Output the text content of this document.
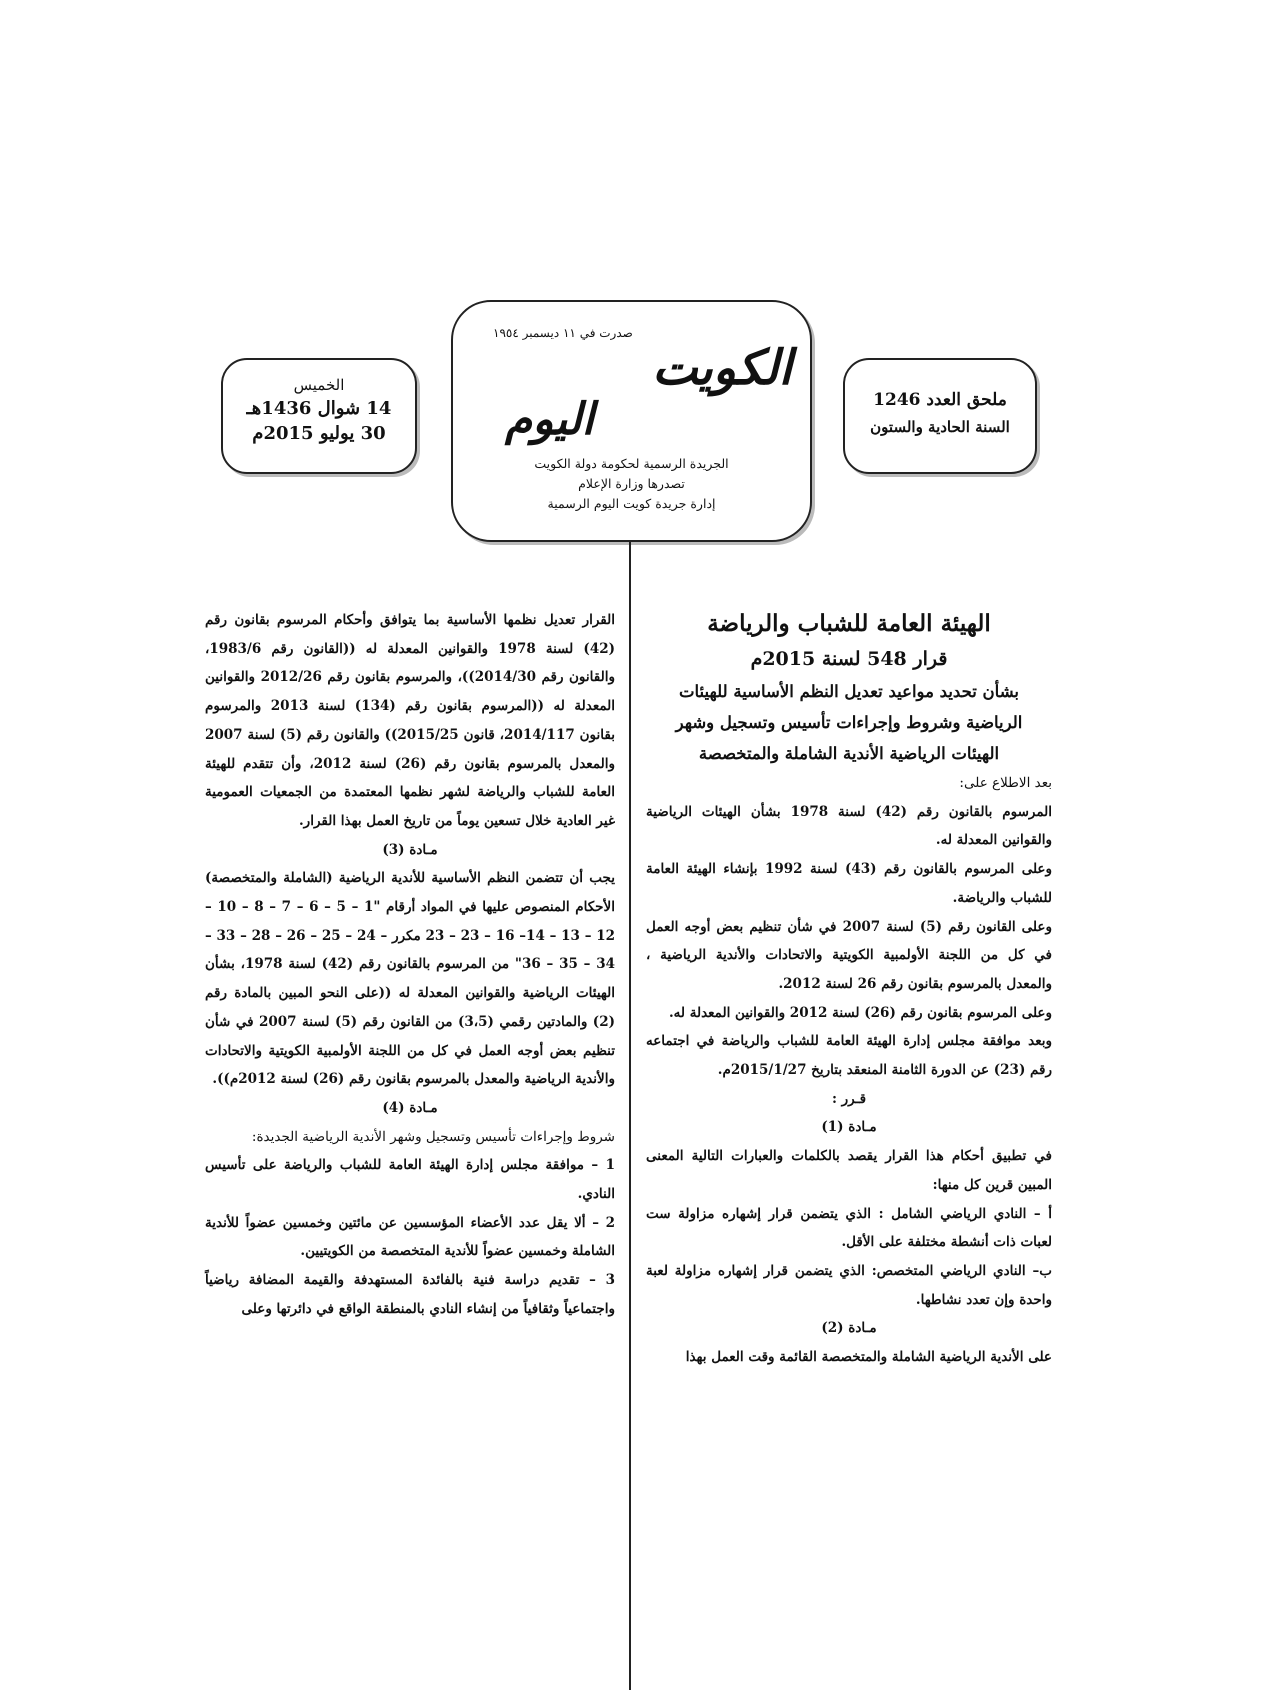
ملحق العدد 1246
السنة الحادية والستون
صدرت في ١١ ديسمبر ١٩٥٤
الكويت
اليوم
الجريدة الرسمية لحكومة دولة الكويت
تصدرها وزارة الإعلام
إدارة جريدة كويت اليوم الرسمية
الخميس
14 شوال 1436هـ
30 يوليو 2015م

الهيئة العامة للشباب والرياضة

قرار 548 لسنة 2015م

بشأن تحديد مواعيد تعديل النظم الأساسية للهيئات

الرياضية وشروط وإجراءات تأسيس وتسجيل وشهر

الهيئات الرياضية الأندية الشاملة والمتخصصة

بعد الاطلاع على:

المرسوم بالقانون رقم (42) لسنة 1978 بشأن الهيئات الرياضية والقوانين المعدلة له.

وعلى المرسوم بالقانون رقم (43) لسنة 1992 بإنشاء الهيئة العامة للشباب والرياضة.

وعلى القانون رقم (5) لسنة 2007 في شأن تنظيم بعض أوجه العمل في كل من اللجنة الأولمبية الكويتية والاتحادات والأندية الرياضية ، والمعدل بالمرسوم بقانون رقم 26 لسنة 2012.

وعلى المرسوم بقانون رقم (26) لسنة 2012 والقوانين المعدلة له.

وبعد موافقة مجلس إدارة الهيئة العامة للشباب والرياضة في اجتماعه رقم (23) عن الدورة الثامنة المنعقد بتاريخ 2015/1/27م.

قـرر :

مـادة (1)

في تطبيق أحكام هذا القرار يقصد بالكلمات والعبارات التالية المعنى المبين قرين كل منها:

أ – النادي الرياضي الشامل : الذي يتضمن قرار إشهاره مزاولة ست لعبات ذات أنشطة مختلفة على الأقل.

ب– النادي الرياضي المتخصص: الذي يتضمن قرار إشهاره مزاولة لعبة واحدة وإن تعدد نشاطها.

مـادة (2)

على الأندية الرياضية الشاملة والمتخصصة القائمة وقت العمل بهذا

القرار تعديل نظمها الأساسية بما يتوافق وأحكام المرسوم بقانون رقم (42) لسنة 1978 والقوانين المعدلة له ((القانون رقم 1983/6، والقانون رقم 2014/30))، والمرسوم بقانون رقم 2012/26 والقوانين المعدلة له ((المرسوم بقانون رقم (134) لسنة 2013 والمرسوم بقانون 2014/117، قانون 2015/25)) والقانون رقم (5) لسنة 2007 والمعدل بالمرسوم بقانون رقم (26) لسنة 2012، وأن تتقدم للهيئة العامة للشباب والرياضة لشهر نظمها المعتمدة من الجمعيات العمومية غير العادية خلال تسعين يوماً من تاريخ العمل بهذا القرار.

مـادة (3)

يجب أن تتضمن النظم الأساسية للأندية الرياضية (الشاملة والمتخصصة) الأحكام المنصوص عليها في المواد أرقام "1 – 5 – 6 – 7 – 8 – 10 –12 – 13 – 14– 16 – 23 – 23 مكرر – 24 – 25 – 26 – 28 – 33 – 34 – 35 – 36" من المرسوم بالقانون رقم (42) لسنة 1978، بشأن الهيئات الرياضية والقوانين المعدلة له ((على النحو المبين بالمادة رقم (2) والمادتين رقمي (3،5) من القانون رقم (5) لسنة 2007 في شأن تنظيم بعض أوجه العمل في كل من اللجنة الأولمبية الكويتية والاتحادات والأندية الرياضية والمعدل بالمرسوم بقانون رقم (26) لسنة 2012م)).

مـادة (4)

شروط وإجراءات تأسيس وتسجيل وشهر الأندية الرياضية الجديدة:

1 – موافقة مجلس إدارة الهيئة العامة للشباب والرياضة على تأسيس النادي.

2 – ألا يقل عدد الأعضاء المؤسسين عن مائتين وخمسين عضواً للأندية الشاملة وخمسين عضواً للأندية المتخصصة من الكويتيين.

3 – تقديم دراسة فنية بالفائدة المستهدفة والقيمة المضافة رياضياً واجتماعياً وثقافياً من إنشاء النادي بالمنطقة الواقع في دائرتها وعلى
